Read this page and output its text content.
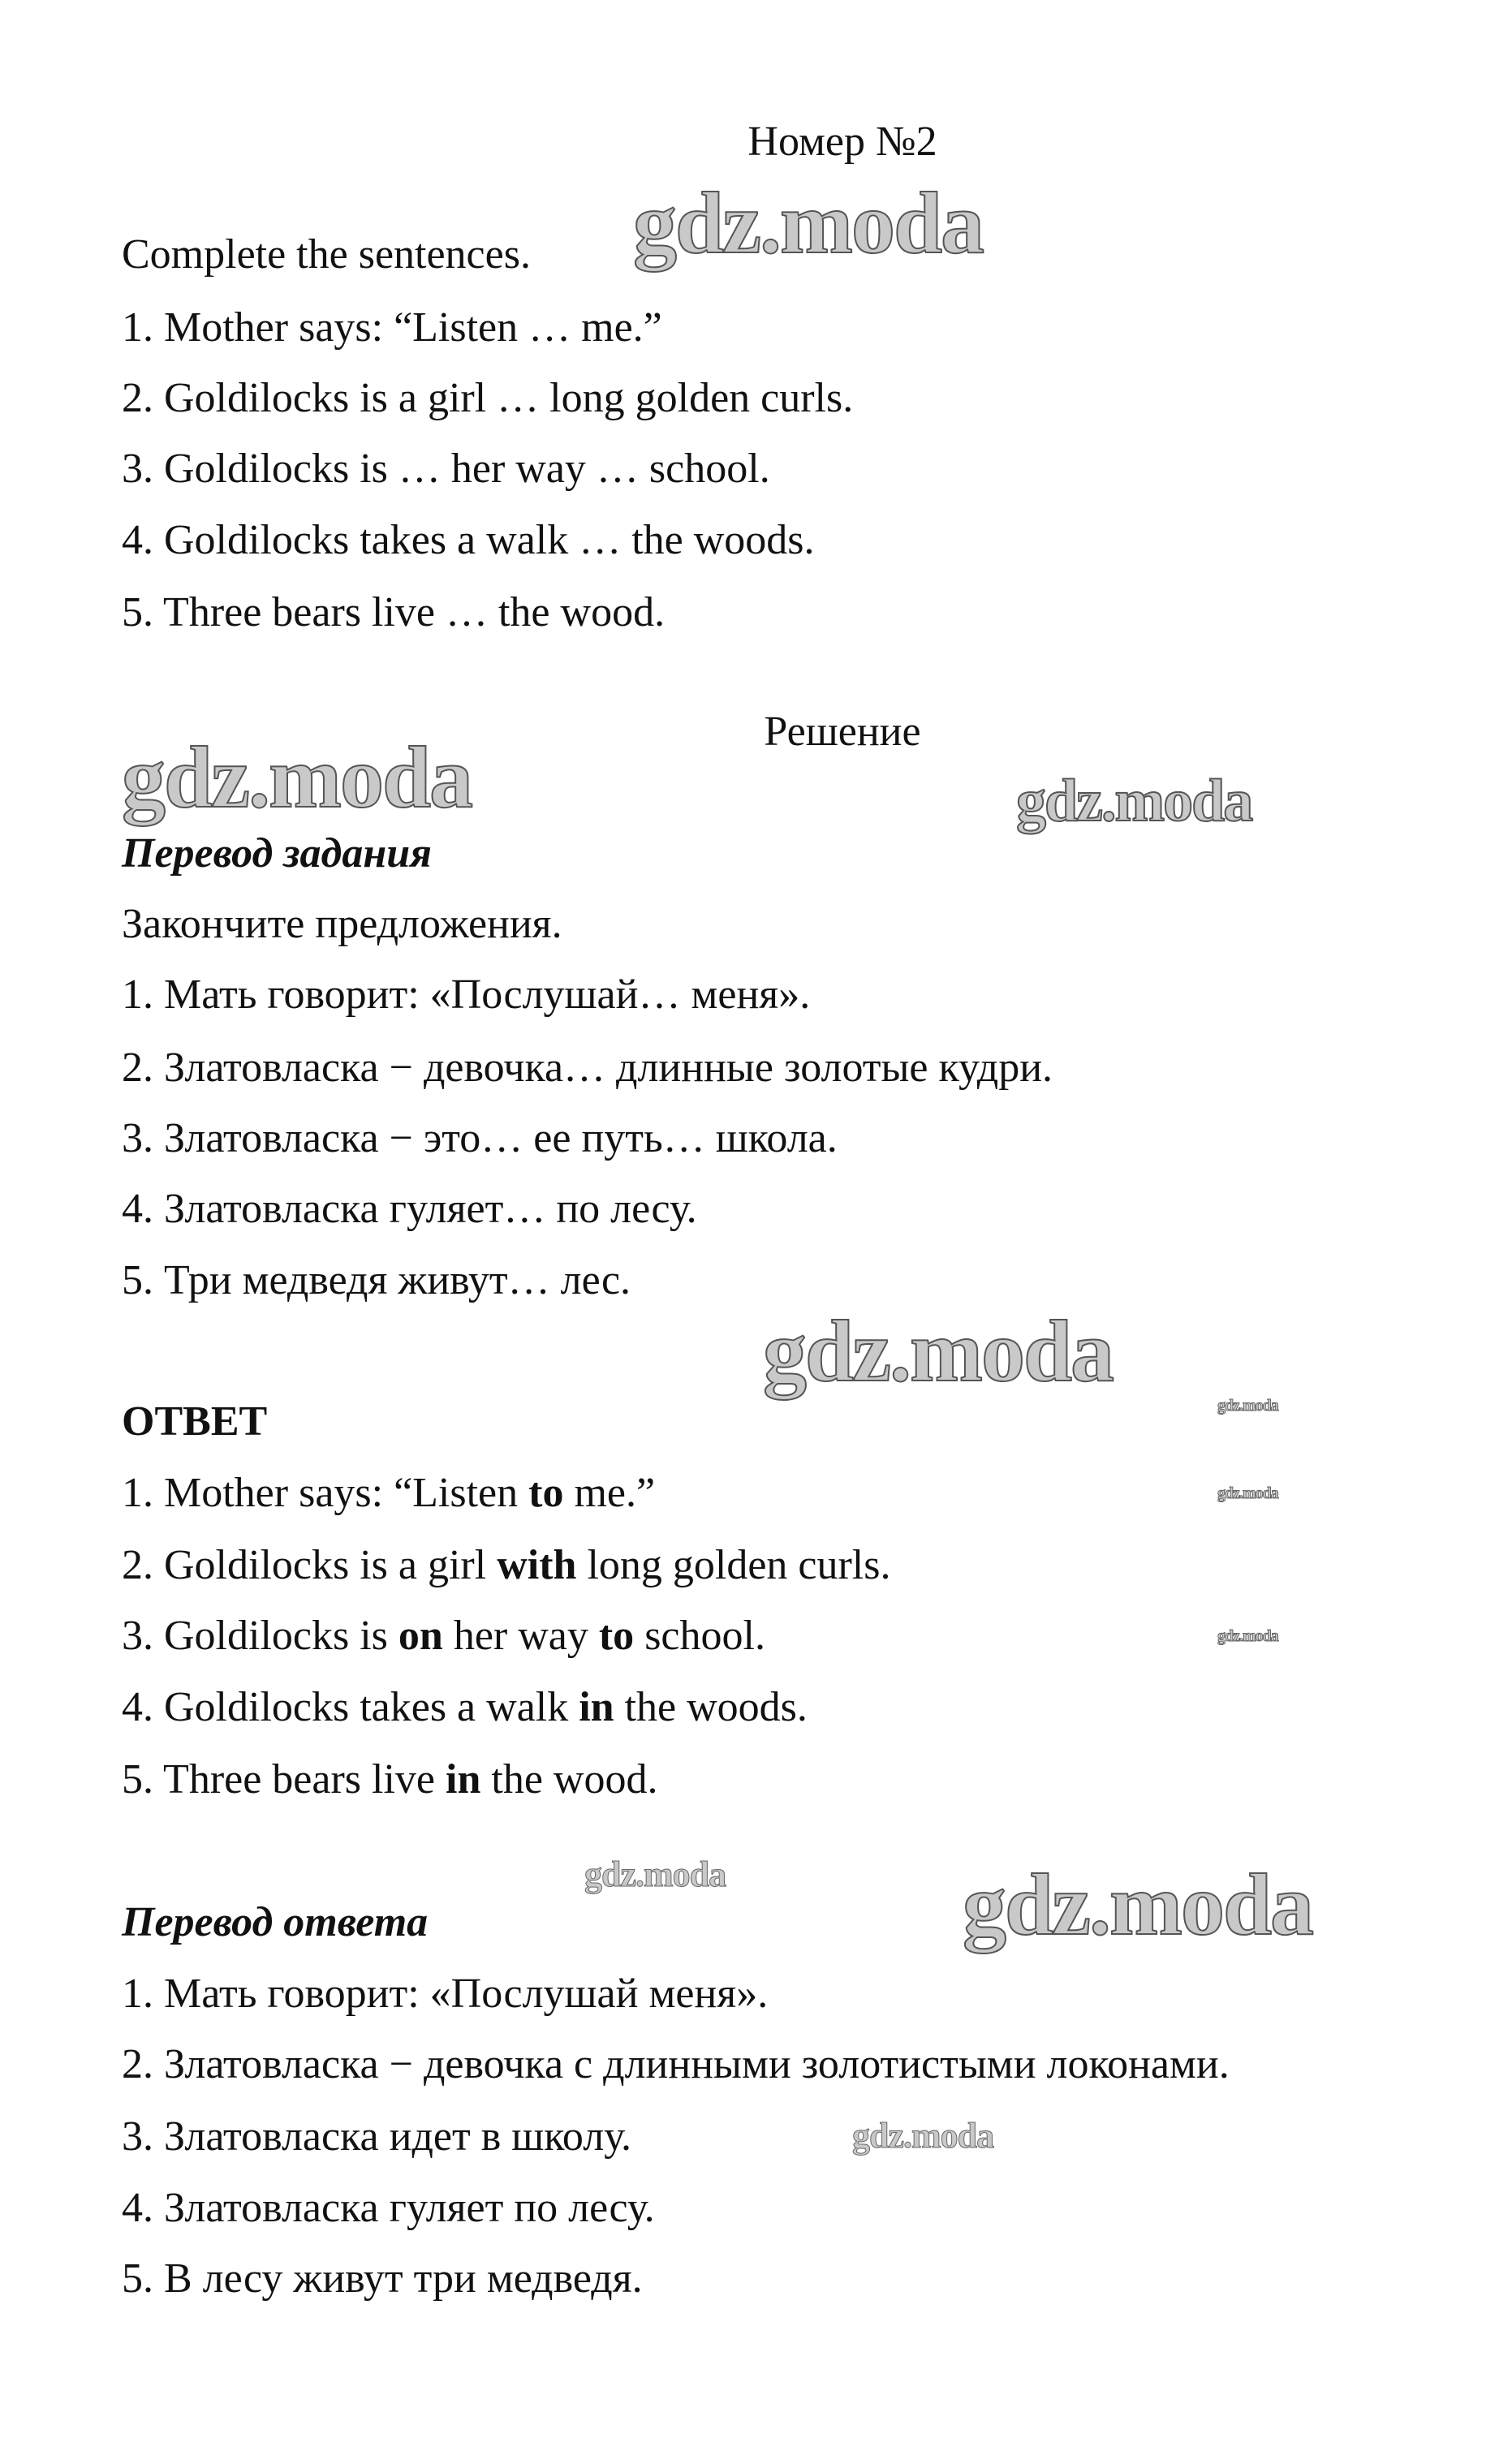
Номер №2
Complete the sentences.
1. Mother says: “Listen … me.”
2. Goldilocks is a girl … long golden curls.
3. Goldilocks is … her way … school.
4. Goldilocks takes a walk … the woods.
5. Three bears live … the wood.
Решение
Перевод задания
Закончите предложения.
1. Мать говорит: «Послушай… меня».
2. Златовласка − девочка… длинные золотые кудри.
3. Златовласка − это… ее путь… школа.
4. Златовласка гуляет… по лесу.
5. Три медведя живут… лес.
ОТВЕТ
1. Mother says: “Listen to me.”
2. Goldilocks is a girl with long golden curls.
3. Goldilocks is on her way to school.
4. Goldilocks takes a walk in the woods.
5. Three bears live in the wood.
Перевод ответа
1. Мать говорит: «Послушай меня».
2. Златовласка − девочка с длинными золотистыми локонами.
3. Златовласка идет в школу.
4. Златовласка гуляет по лесу.
5. В лесу живут три медведя.
gdz.moda
gdz.moda	gdz.moda
gdz.moda
gdz.moda
gdz.moda
gdz.moda
gdz.moda
gdz.moda
gdz.moda
